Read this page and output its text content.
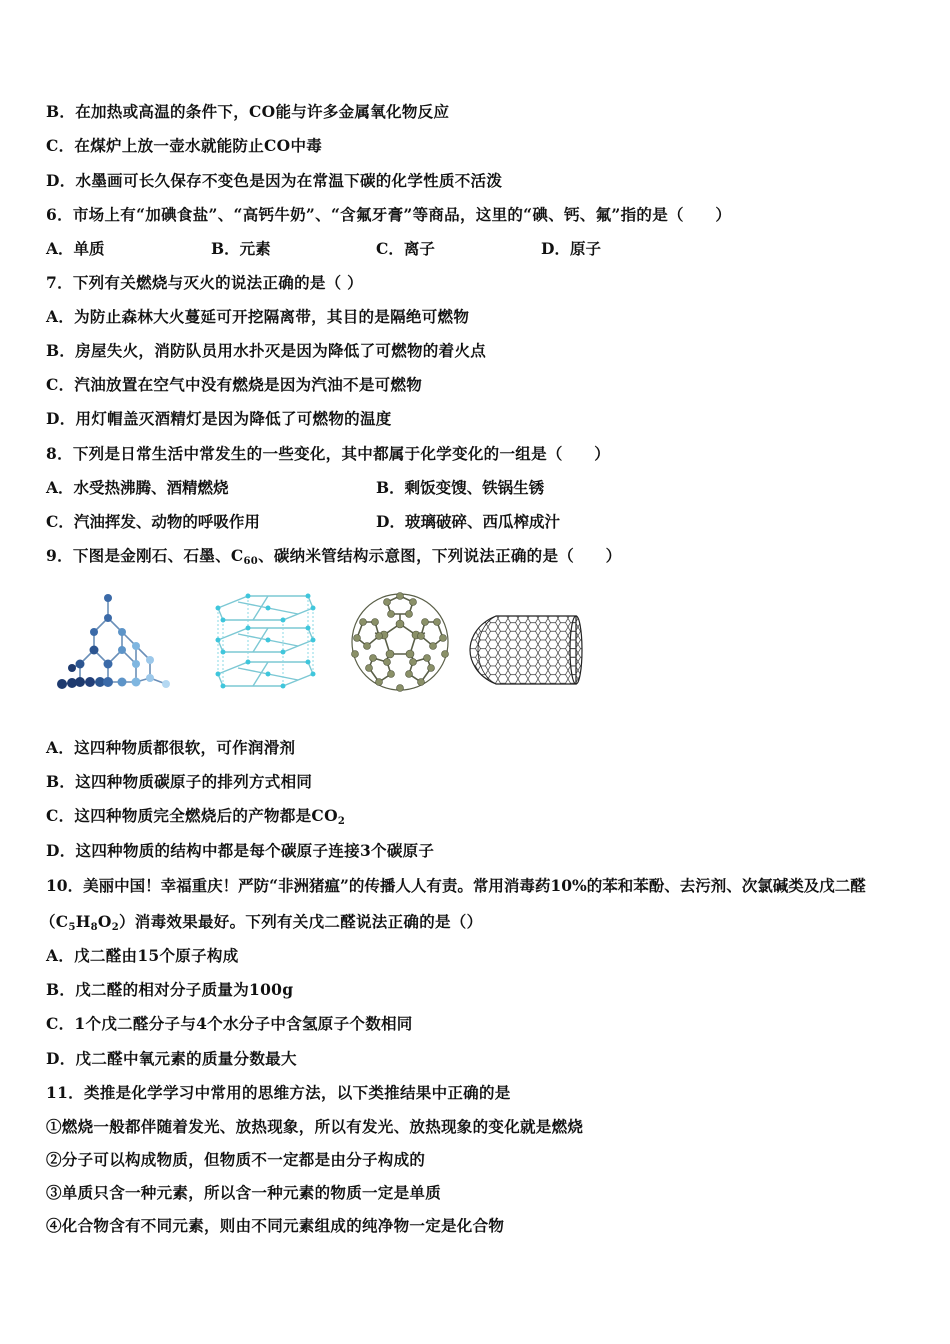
B．在加热或高温的条件下，CO能与许多金属氧化物反应
C．在煤炉上放一壶水就能防止CO中毒
D．水墨画可长久保存不变色是因为在常温下碳的化学性质不活泼
6．市场上有“加碘食盐”、“高钙牛奶”、“含氟牙膏”等商品，这里的“碘、钙、氟”指的是（　　）
A．单质	B．元素	C．离子	D．原子
7．下列有关燃烧与灭火的说法正确的是（ ）
A．为防止森林大火蔓延可开挖隔离带，其目的是隔绝可燃物
B．房屋失火，消防队员用水扑灭是因为降低了可燃物的着火点
C．汽油放置在空气中没有燃烧是因为汽油不是可燃物
D．用灯帽盖灭酒精灯是因为降低了可燃物的温度
8．下列是日常生活中常发生的一些变化，其中都属于化学变化的一组是（　　）
A．水受热沸腾、酒精燃烧	B．剩饭变馊、铁锅生锈
C．汽油挥发、动物的呼吸作用	D．玻璃破碎、西瓜榨成汁
9．下图是金刚石、石墨、$C_{60}$、碳纳米管结构示意图，下列说法正确的是（　　）
A．这四种物质都很软，可作润滑剂
B．这四种物质碳原子的排列方式相同
C．这四种物质完全燃烧后的产物都是$CO_2$
D．这四种物质的结构中都是每个碳原子连接3个碳原子
10．美丽中国！幸福重庆！严防“非洲猪瘟”的传播人人有责。常用消毒药10%的苯和苯酚、去污剂、次氯碱类及戊二醛
$(C_5H_8O_2)$消毒效果最好。下列有关戊二醛说法正确的是（）
A．戊二醛由15个原子构成
B．戊二醛的相对分子质量为100g
C．1个戊二醛分子与4个水分子中含氢原子个数相同
D．戊二醛中氧元素的质量分数最大
11．类推是化学学习中常用的思维方法，以下类推结果中正确的是
①燃烧一般都伴随着发光、放热现象，所以有发光、放热现象的变化就是燃烧
②分子可以构成物质，但物质不一定都是由分子构成的
③单质只含一种元素，所以含一种元素的物质一定是单质
④化合物含有不同元素，则由不同元素组成的纯净物一定是化合物
